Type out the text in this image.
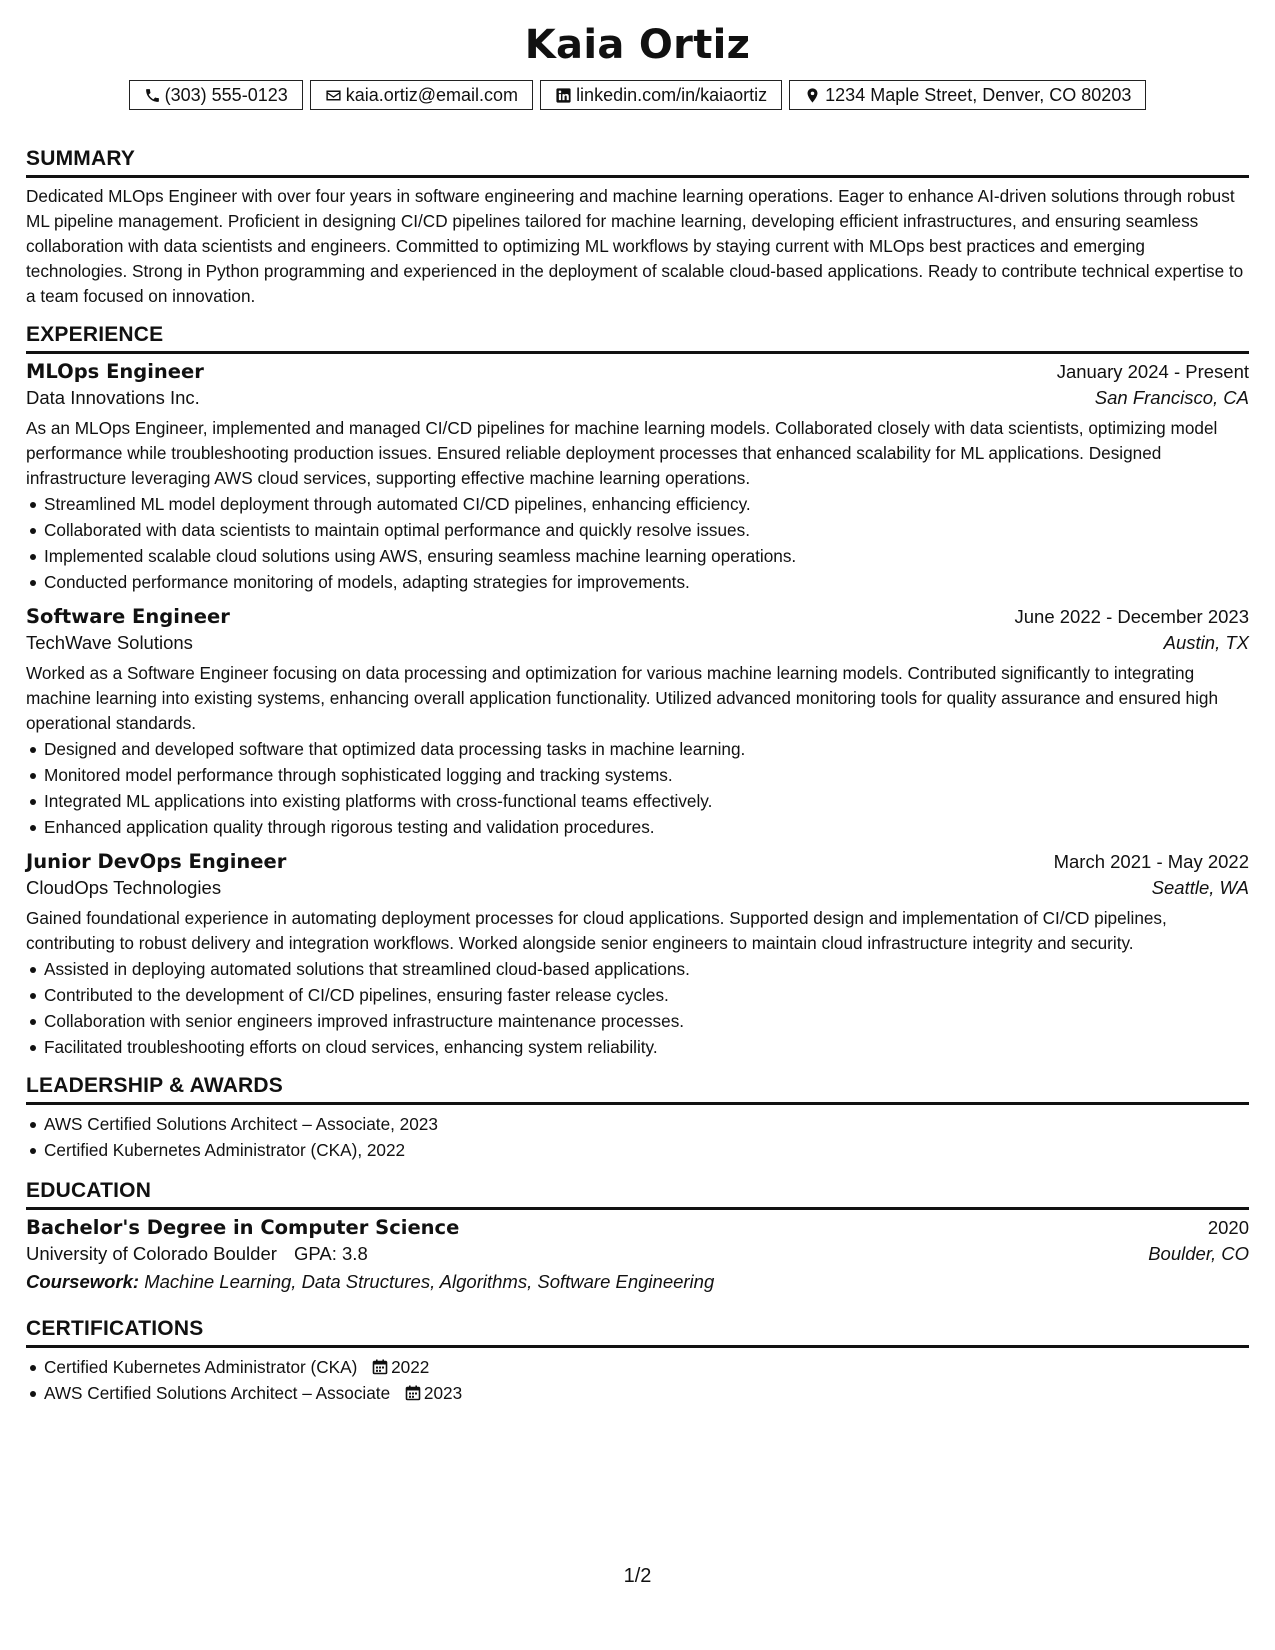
Kaia Ortiz
(303) 555-0123	kaia.ortiz@email.com	linkedin.com/in/kaiaortiz	1234 Maple Street, Denver, CO 80203
SUMMARY

Dedicated MLOps Engineer with over four years in software engineering and machine learning operations. Eager to enhance AI-driven solutions through robust ML pipeline management. Proficient in designing CI/CD pipelines tailored for machine learning, developing efficient infrastructures, and ensuring seamless collaboration with data scientists and engineers. Committed to optimizing ML workflows by staying current with MLOps best practices and emerging technologies. Strong in Python programming and experienced in the deployment of scalable cloud-based applications. Ready to contribute technical expertise to a team focused on innovation.

EXPERIENCE
MLOps Engineer	January 2024 - Present
Data Innovations Inc.	San Francisco, CA

As an MLOps Engineer, implemented and managed CI/CD pipelines for machine learning models. Collaborated closely with data scientists, optimizing model performance while troubleshooting production issues. Ensured reliable deployment processes that enhanced scalability for ML applications. Designed infrastructure leveraging AWS cloud services, supporting effective machine learning operations.

Streamlined ML model deployment through automated CI/CD pipelines, enhancing efficiency.
Collaborated with data scientists to maintain optimal performance and quickly resolve issues.
Implemented scalable cloud solutions using AWS, ensuring seamless machine learning operations.
Conducted performance monitoring of models, adapting strategies for improvements.
Software Engineer	June 2022 - December 2023
TechWave Solutions	Austin, TX

Worked as a Software Engineer focusing on data processing and optimization for various machine learning models. Contributed significantly to integrating machine learning into existing systems, enhancing overall application functionality. Utilized advanced monitoring tools for quality assurance and ensured high operational standards.

Designed and developed software that optimized data processing tasks in machine learning.
Monitored model performance through sophisticated logging and tracking systems.
Integrated ML applications into existing platforms with cross-functional teams effectively.
Enhanced application quality through rigorous testing and validation procedures.
Junior DevOps Engineer	March 2021 - May 2022
CloudOps Technologies	Seattle, WA

Gained foundational experience in automating deployment processes for cloud applications. Supported design and implementation of CI/CD pipelines, contributing to robust delivery and integration workflows. Worked alongside senior engineers to maintain cloud infrastructure integrity and security.

Assisted in deploying automated solutions that streamlined cloud-based applications.
Contributed to the development of CI/CD pipelines, ensuring faster release cycles.
Collaboration with senior engineers improved infrastructure maintenance processes.
Facilitated troubleshooting efforts on cloud services, enhancing system reliability.
LEADERSHIP & AWARDS
AWS Certified Solutions Architect – Associate, 2023
Certified Kubernetes Administrator (CKA), 2022
EDUCATION
Bachelor's Degree in Computer Science	2020
University of Colorado Boulder GPA: 3.8	Boulder, CO
Coursework: Machine Learning, Data Structures, Algorithms, Software Engineering
CERTIFICATIONS
Certified Kubernetes Administrator (CKA) 2022
AWS Certified Solutions Architect – Associate 2023
1/2
